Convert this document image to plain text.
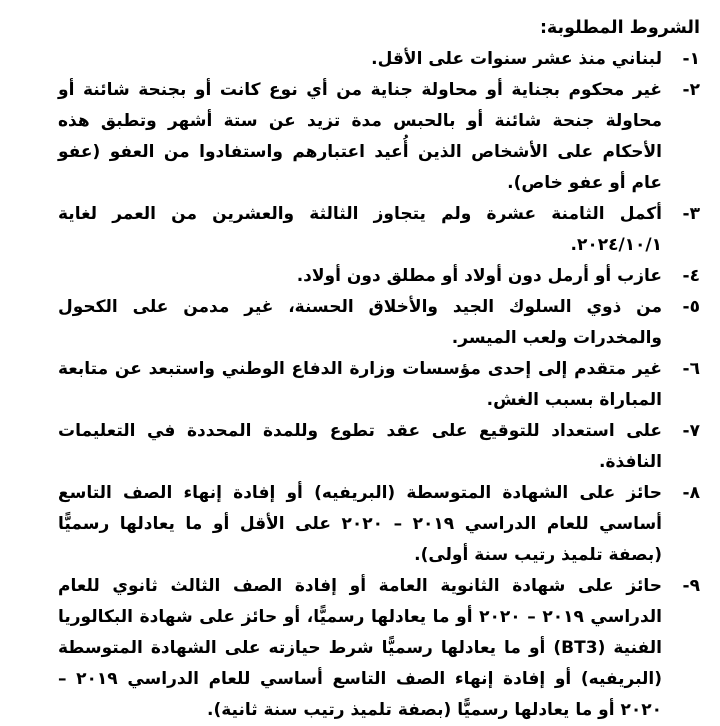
الشروط المطلوبة:
١-
لبناني منذ عشر سنوات على الأقل.
٢-
غير محكوم بجناية أو محاولة جناية من أي نوع كانت أو بجنحة شائنة أو محاولة جنحة شائنة أو بالحبس مدة تزيد عن ستة أشهر وتطبق هذه الأحكام على الأشخاص الذين أُعيد اعتبارهم واستفادوا من العفو (عفو عام أو عفو خاص).
٣-
أكمل الثامنة عشرة ولم يتجاوز الثالثة والعشرين من العمر لغاية ٢٠٢٤/١٠/١.
٤-
عازب أو أرمل دون أولاد أو مطلق دون أولاد.
٥-
من ذوي السلوك الجيد والأخلاق الحسنة، غير مدمن على الكحول والمخدرات ولعب الميسر.
٦-
غير متقدم إلى إحدى مؤسسات وزارة الدفاع الوطني واستبعد عن متابعة المباراة بسبب الغش.
٧-
على استعداد للتوقيع على عقد تطوع وللمدة المحددة في التعليمات النافذة.
٨-
حائز على الشهادة المتوسطة (البريفيه) أو إفادة إنهاء الصف التاسع أساسي للعام الدراسي ٢٠١٩ – ٢٠٢٠ على الأقل أو ما يعادلها رسميًّا (بصفة تلميذ رتيب سنة أولى).
٩-
حائز على شهادة الثانوية العامة أو إفادة الصف الثالث ثانوي للعام الدراسي ٢٠١٩ – ٢٠٢٠ أو ما يعادلها رسميًّا، أو حائز على شهادة البكالوريا الفنية (BT3) أو ما يعادلها رسميًّا شرط حيازته على الشهادة المتوسطة (البريفيه) أو إفادة إنهاء الصف التاسع أساسي للعام الدراسي ٢٠١٩ – ٢٠٢٠ أو ما يعادلها رسميًّا (بصفة تلميذ رتيب سنة ثانية).
